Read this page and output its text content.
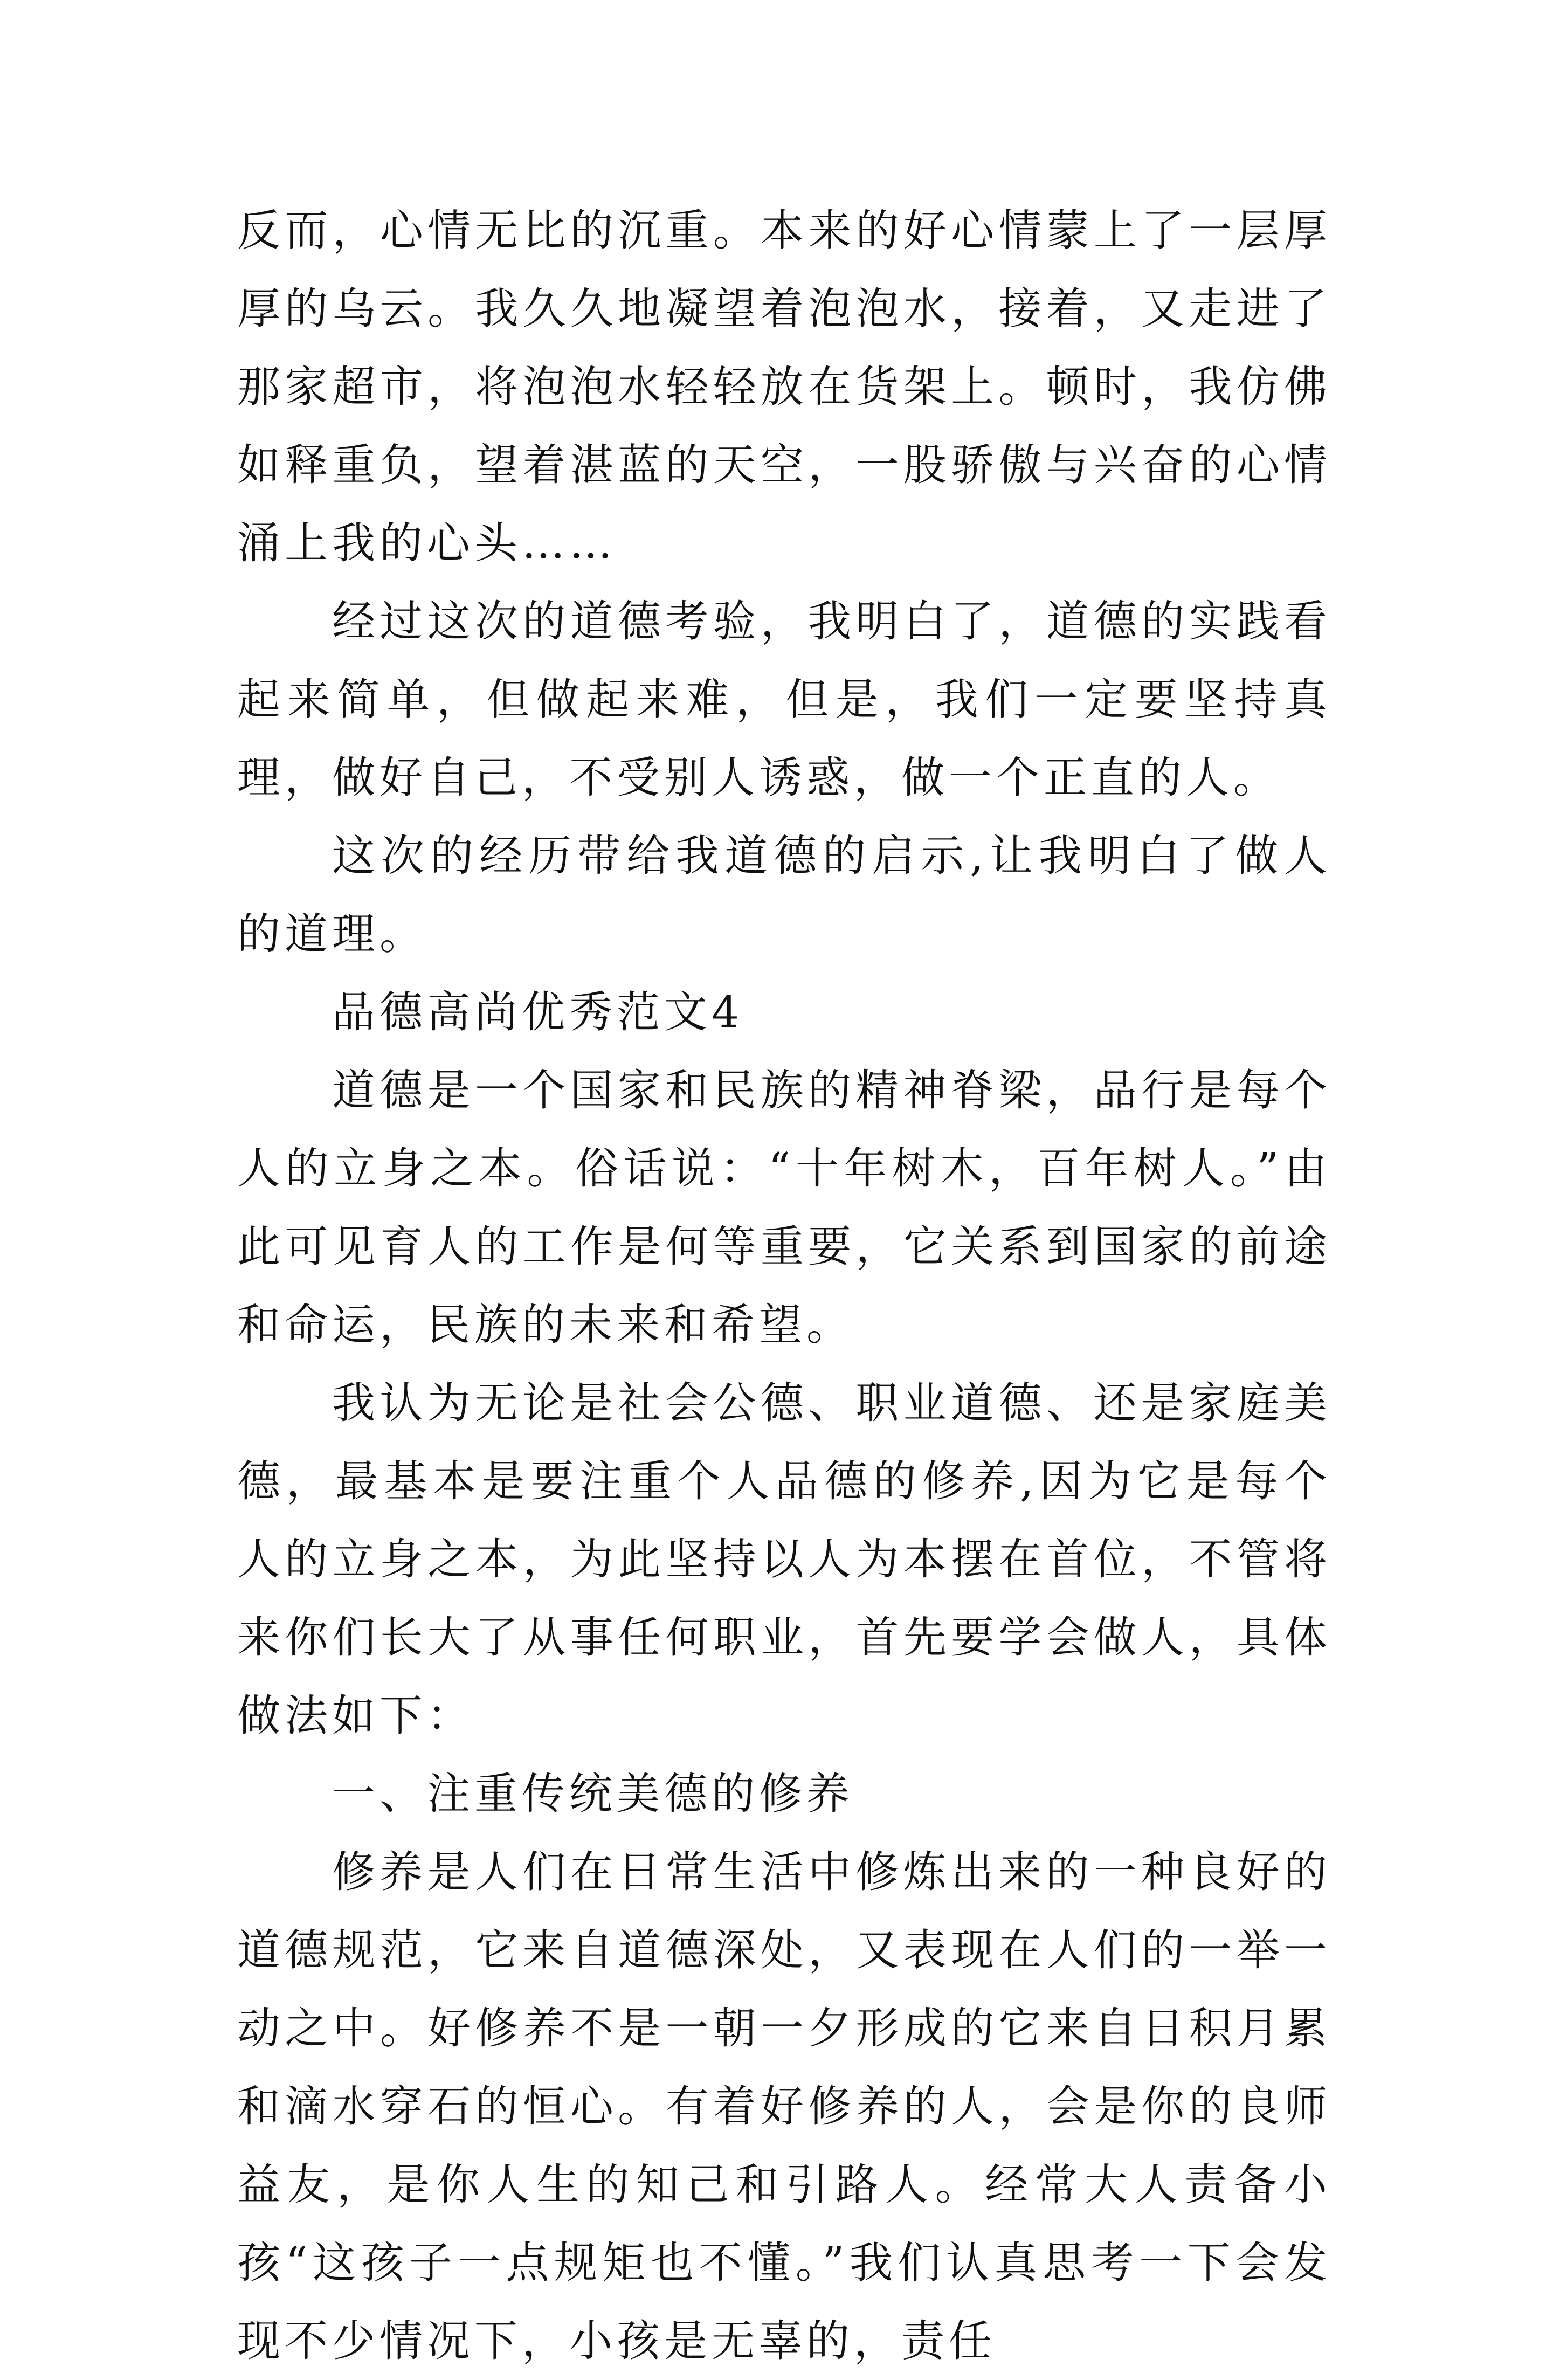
反而，心情无比的沉重。本来的好心情蒙上了一层厚厚的乌云。我久久地凝望着泡泡水，接着，又走进了那家超市，将泡泡水轻轻放在货架上。顿时，我仿佛如释重负，望着湛蓝的天空，一股骄傲与兴奋的心情涌上我的心头……

经过这次的道德考验，我明白了，道德的实践看起来简单，但做起来难，但是，我们一定要坚持真理，做好自己，不受别人诱惑，做一个正直的人。

这次的经历带给我道德的启示,让我明白了做人的道理。

品德高尚优秀范文4

道德是一个国家和民族的精神脊梁，品行是每个人的立身之本。俗话说：“十年树木，百年树人。”由此可见育人的工作是何等重要，它关系到国家的前途和命运，民族的未来和希望。

我认为无论是社会公德、职业道德、还是家庭美德，最基本是要注重个人品德的修养,因为它是每个人的立身之本，为此坚持以人为本摆在首位，不管将来你们长大了从事任何职业，首先要学会做人，具体做法如下：

一、注重传统美德的修养

修养是人们在日常生活中修炼出来的一种良好的道德规范，它来自道德深处，又表现在人们的一举一动之中。好修养不是一朝一夕形成的它来自日积月累和滴水穿石的恒心。有着好修养的人，会是你的良师益友，是你人生的知己和引路人。经常大人责备小孩“这孩子一点规矩也不懂。”我们认真思考一下会发现不少情况下，小孩是无辜的，责任
